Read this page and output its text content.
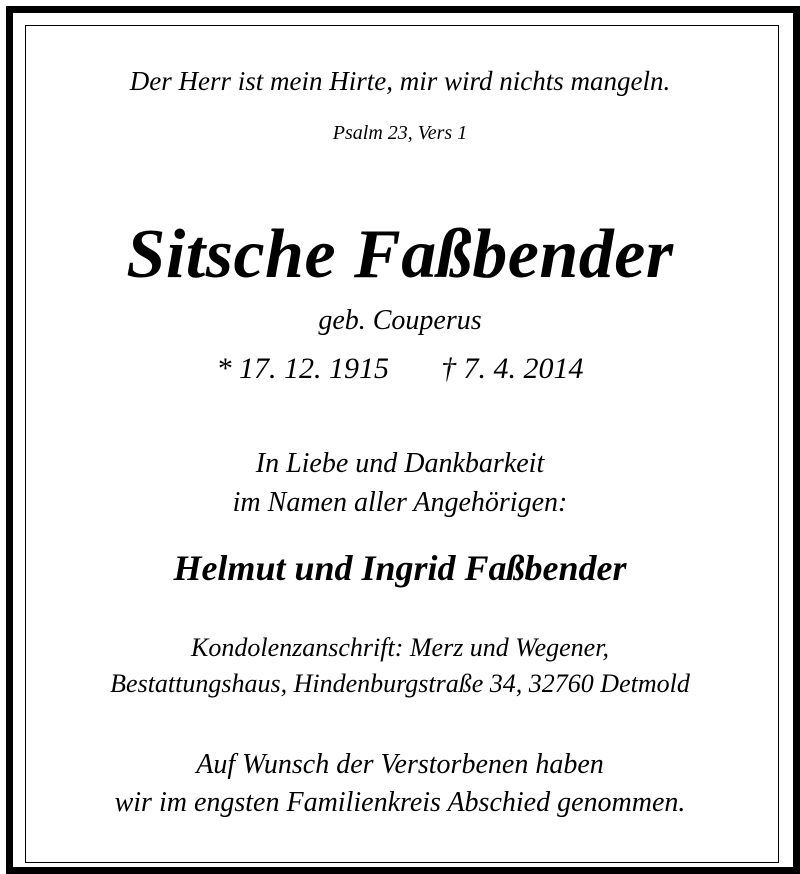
Der Herr ist mein Hirte, mir wird nichts mangeln.

Psalm 23, Vers 1

Sitsche Faßbender

geb. Couperus

* 17. 12. 1915 † 7. 4. 2014

In Liebe und Dankbarkeit

im Namen aller Angehörigen:

Helmut und Ingrid Faßbender

Kondolenzanschrift: Merz und Wegener,

Bestattungshaus, Hindenburgstraße 34, 32760 Detmold

Auf Wunsch der Verstorbenen haben

wir im engsten Familienkreis Abschied genommen.
